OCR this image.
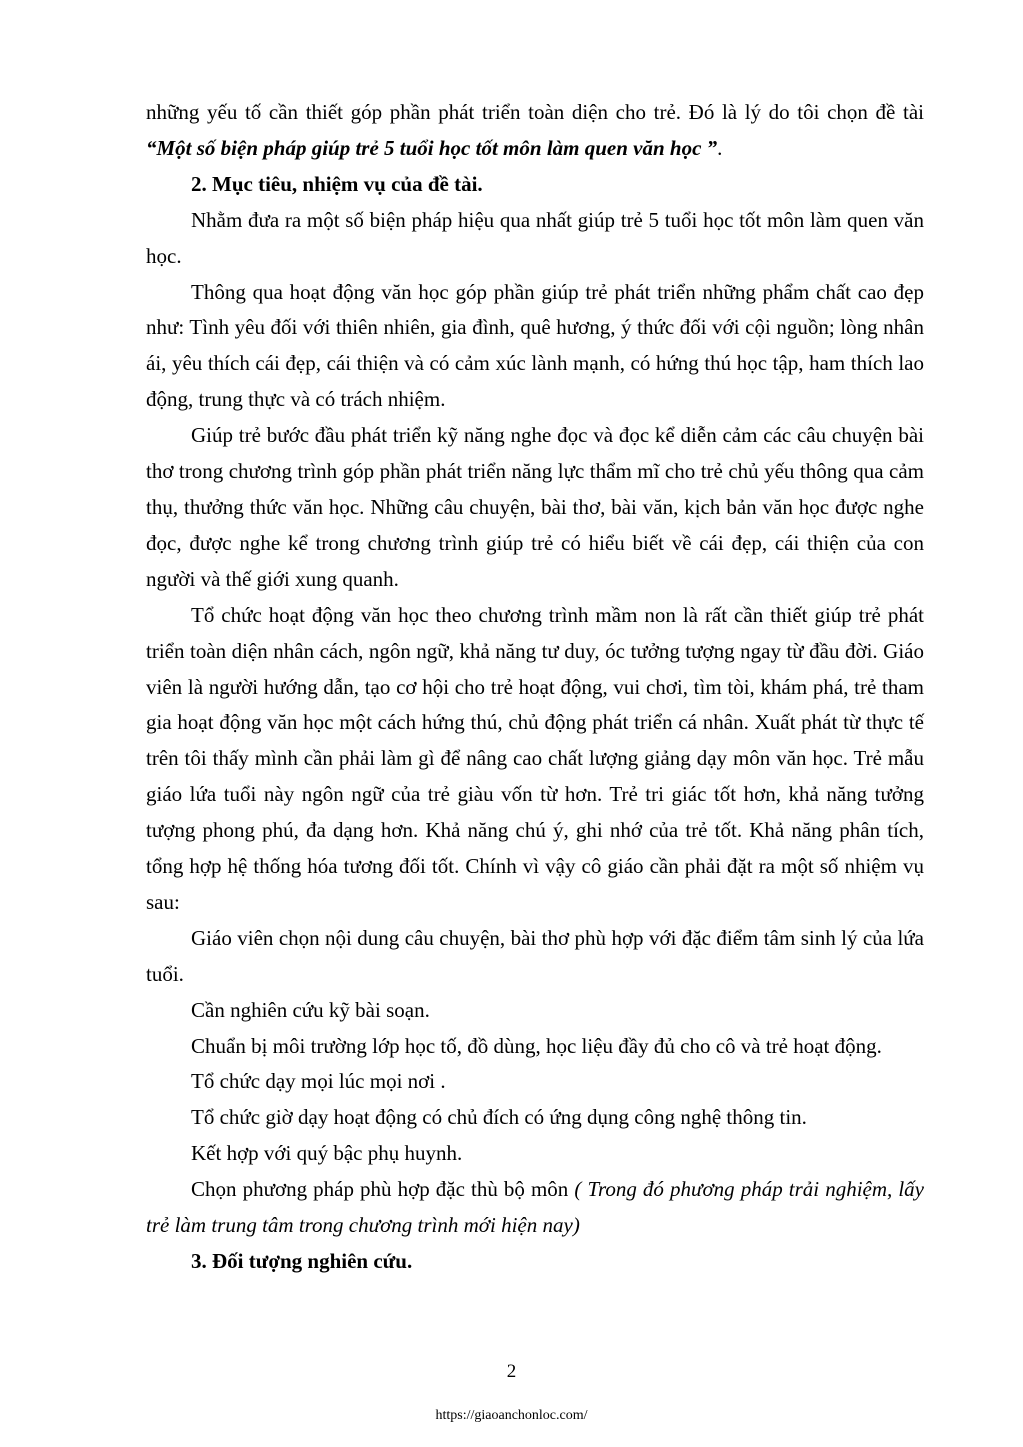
những yếu tố cần thiết góp phần phát triển toàn diện cho trẻ. Đó là lý do tôi chọn đề tài “Một số biện pháp giúp trẻ 5 tuổi học tốt môn làm quen văn học ”.

2. Mục tiêu, nhiệm vụ của đề tài.

Nhằm đưa ra một số biện pháp hiệu qua nhất giúp trẻ 5 tuổi học tốt môn làm quen văn học.

Thông qua hoạt động văn học góp phần giúp trẻ phát triển những phẩm chất cao đẹp như: Tình yêu đối với thiên nhiên, gia đình, quê hương, ý thức đối với cội nguồn; lòng nhân ái, yêu thích cái đẹp, cái thiện và có cảm xúc lành mạnh, có hứng thú học tập, ham thích lao động, trung thực và có trách nhiệm.

Giúp trẻ bước đầu phát triển kỹ năng nghe đọc và đọc kể diễn cảm các câu chuyện bài thơ trong chương trình góp phần phát triển năng lực thẩm mĩ cho trẻ chủ yếu thông qua cảm thụ, thưởng thức văn học. Những câu chuyện, bài thơ, bài văn, kịch bản văn học được nghe đọc, được nghe kể trong chương trình giúp trẻ có hiểu biết về cái đẹp, cái thiện của con người và thế giới xung quanh.

Tổ chức hoạt động văn học theo chương trình mầm non là rất cần thiết giúp trẻ phát triển toàn diện nhân cách, ngôn ngữ, khả năng tư duy, óc tưởng tượng ngay từ đầu đời. Giáo viên là người hướng dẫn, tạo cơ hội cho trẻ hoạt động, vui chơi, tìm tòi, khám phá, trẻ tham gia hoạt động văn học một cách hứng thú, chủ động phát triển cá nhân. Xuất phát từ thực tế trên tôi thấy mình cần phải làm gì để nâng cao chất lượng giảng dạy môn văn học. Trẻ mẫu giáo lứa tuổi này ngôn ngữ của trẻ giàu vốn từ hơn. Trẻ tri giác tốt hơn, khả năng tưởng tượng phong phú, đa dạng hơn. Khả năng chú ý, ghi nhớ của trẻ tốt. Khả năng phân tích, tổng hợp hệ thống hóa tương đối tốt. Chính vì vậy cô giáo cần phải đặt ra một số nhiệm vụ sau:

Giáo viên chọn nội dung câu chuyện, bài thơ phù hợp với đặc điểm tâm sinh lý của lứa tuổi.

Cần nghiên cứu kỹ bài soạn.

Chuẩn bị môi trường lớp học tố, đồ dùng, học liệu đầy đủ cho cô và trẻ hoạt động.

Tổ chức dạy mọi lúc mọi nơi .

Tổ chức giờ dạy hoạt động có chủ đích có ứng dụng công nghệ thông tin.

Kết hợp với quý bậc phụ huynh.

Chọn phương pháp phù hợp đặc thù bộ môn ( Trong đó phương pháp trải nghiệm, lấy trẻ làm trung tâm trong chương trình mới hiện nay)

3. Đối tượng nghiên cứu.
2
https://giaoanchonloc.com/
